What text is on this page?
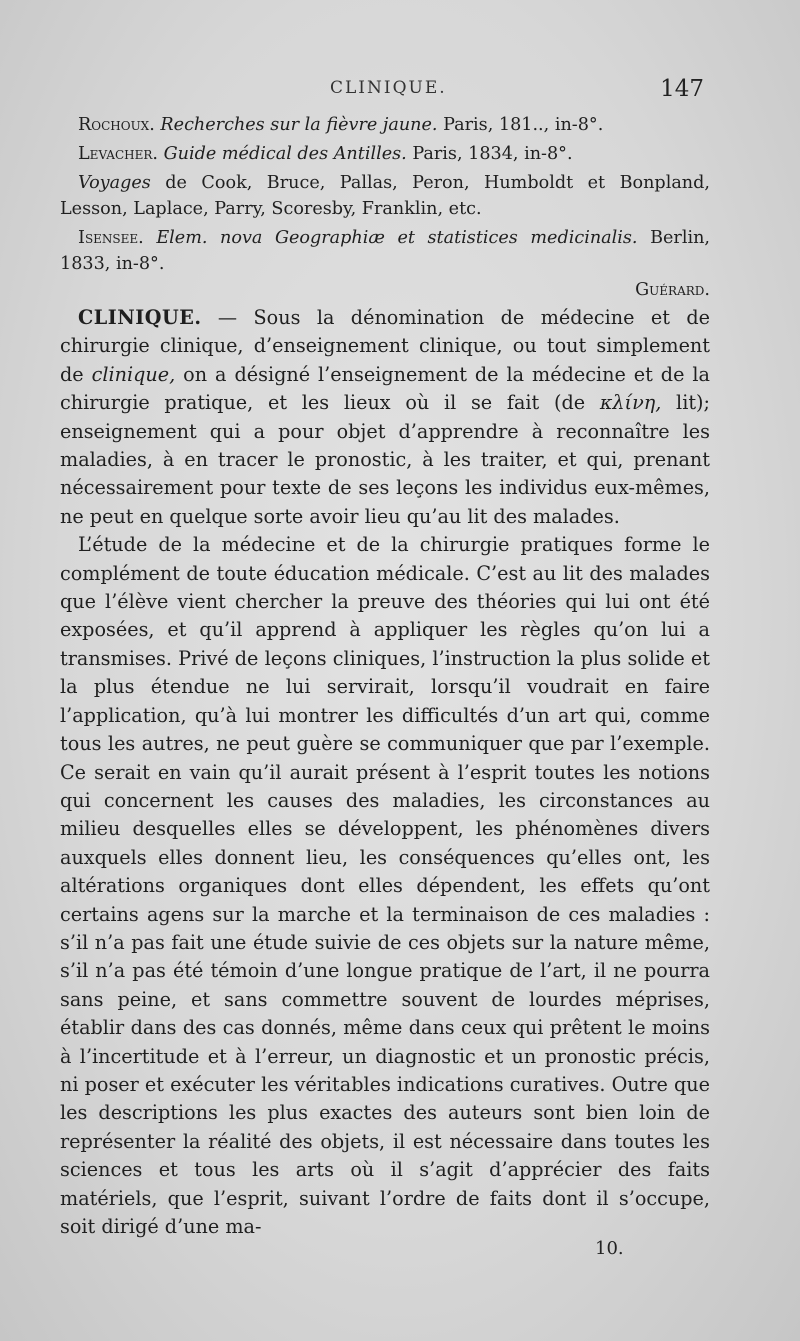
CLINIQUE.	147

Rochoux. Recherches sur la fièvre jaune. Paris, 181.., in-8°.

Levacher. Guide médical des Antilles. Paris, 1834, in-8°.

Voyages de Cook, Bruce, Pallas, Peron, Humboldt et Bonpland, Lesson, Laplace, Parry, Scoresby, Franklin, etc.

Isensee. Elem. nova Geographiæ et statistices medicinalis. Berlin, 1833, in-8°.
Guérard.

CLINIQUE. — Sous la dénomination de médecine et de chirurgie clinique, d’enseignement clinique, ou tout simplement de clinique, on a désigné l’enseignement de la médecine et de la chirurgie pratique, et les lieux où il se fait (de κλίνη, lit); enseignement qui a pour objet d’apprendre à reconnaître les maladies, à en tracer le pronostic, à les traiter, et qui, prenant nécessairement pour texte de ses leçons les individus eux-mêmes, ne peut en quelque sorte avoir lieu qu’au lit des malades.

L’étude de la médecine et de la chirurgie pratiques forme le complément de toute éducation médicale. C’est au lit des malades que l’élève vient chercher la preuve des théories qui lui ont été exposées, et qu’il apprend à appliquer les règles qu’on lui a transmises. Privé de leçons cliniques, l’instruction la plus solide et la plus étendue ne lui servirait, lorsqu’il voudrait en faire l’application, qu’à lui montrer les difficultés d’un art qui, comme tous les autres, ne peut guère se communiquer que par l’exemple. Ce serait en vain qu’il aurait présent à l’esprit toutes les notions qui concernent les causes des maladies, les circonstances au milieu desquelles elles se développent, les phénomènes divers auxquels elles donnent lieu, les conséquences qu’elles ont, les altérations organiques dont elles dépendent, les effets qu’ont certains agens sur la marche et la terminaison de ces maladies : s’il n’a pas fait une étude suivie de ces objets sur la nature même, s’il n’a pas été témoin d’une longue pratique de l’art, il ne pourra sans peine, et sans commettre souvent de lourdes méprises, établir dans des cas donnés, même dans ceux qui prêtent le moins à l’incertitude et à l’erreur, un diagnostic et un pronostic précis, ni poser et exécuter les véritables indications curatives. Outre que les descriptions les plus exactes des auteurs sont bien loin de représenter la réalité des objets, il est nécessaire dans toutes les sciences et tous les arts où il s’agit d’apprécier des faits matériels, que l’esprit, suivant l’ordre de faits dont il s’occupe, soit dirigé d’une ma-

10.
